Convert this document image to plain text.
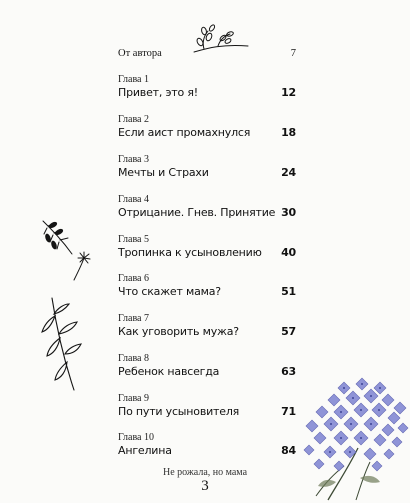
От автора	7
Глава 1
Привет, это я!	12
Глава 2
Если аист промахнулся	18
Глава 3
Мечты и Страхи	24
Глава 4
Отрицание. Гнев. Принятие 30
Глава 5
Тропинка к усыновлению 40
Глава 6
Что скажет мама?	51
Глава 7
Как уговорить мужа?	57
Глава 8
Ребенок навсегда	63
Глава 9
По пути усыновителя	71
Глава 10
Ангелина	84
Не рожала, но мама
3
